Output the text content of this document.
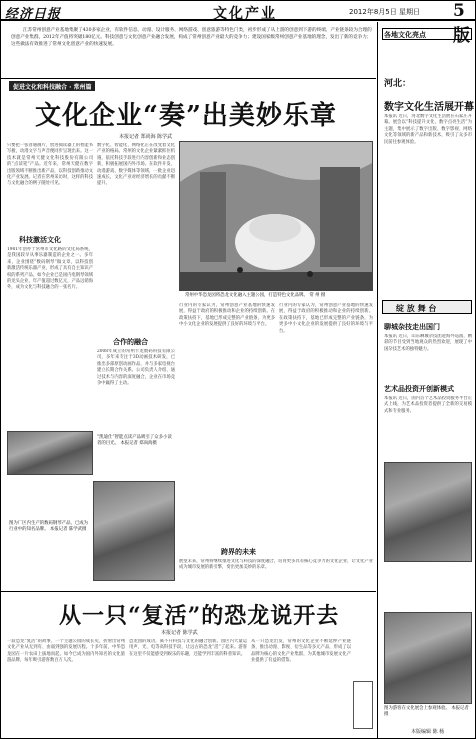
经济日报	文化产业	2012年8月5日 星期日 5版

江苏常州创意产业基地集聚了430多家企业，有软件信息、动漫、设计服务、网络游戏、创意旅游等特色门类，初步形成了从上游的创意到下游的终端、产业链条较为合理的创意产业集群，2012年产值将突破180亿元。科技创意与文化创意产业融合发展，构成了常州创意产业最大的竞争力；建设国家级常州创意产业基地的理念，发出了新的竞争力；这些做法有效推进了常州文化创意产业的快速发展。

促进文化和科技融合 · 常州篇
文化企业“奏”出美妙乐章
本报记者 郑尚海 陈学武

只要把一张普通画片，放进阅读器上的智能书写板，动漫文字与声音便同步呈现出来。这一技术就是常州天健文化科技股份有限公司的“点读笔”产品。近年来，常州天健在数字出版领域不断推出新产品，以科技创新推动文化产业发展。记者在常州采访时，这样的科技与文化融合的例子随处可见。

科技激活文化

1981年创办于常州市文化路的文化局系统，是我国较早从事乐器制造的企业之一。多年来，企业围绕“数码钢琴”做文章，以科技创新激活传统乐器产业，形成了具有自主知识产权的系列产品。如今企业已是国内电钢琴领域的龙头企业，年产值超过数亿元，产品远销海外，成为文化与科技融合的一张名片。

数字化、智能化、网络化正在改变着文化产业的格局。常州的文化企业紧紧抓住机遇，依托科技手段进行内容创新和业态创新，积极拓展国内外市场。在软件开发、动漫游戏、数字媒体等领域，一批企业迅速成长，文化产业对经济增长的贡献不断提升。

合作的融合

2008年成立的常州卡龙数码科技有限公司，多年来专注于3D动画技术研发，已推出多部原创动画作品，并与多家电视台建立长期合作关系。公司负责人介绍，通过技术与内容的深度融合，企业在市场竞争中赢得了主动。

常州中华恐龙园将恐龙文化融入主题公园，打造特色文化品牌。 常 州 摄

行业内的专家认为，常州创意产业基地的快速发展，得益于政府的积极推动和企业的持续创新。在政策扶持下，基地已形成完整的产业链条，为更多中小文化企业的发展提供了良好的环境与平台。

行业内的专家认为，常州创意产业基地的快速发展，得益于政府的积极推动和企业的持续创新。在政策扶持下，基地已形成完整的产业链条，为更多中小文化企业的发展提供了良好的环境与平台。

跨界的未来

展望未来，常州将继续推进文化与科技的深度融合，培育更多具有核心竞争力的文化企业，让文化产业成为城市发展的新引擎，奏出更加美妙的乐章。

“凯迪仕”智能点读产品吸引了众多小读者的目光。 本报记者 郑尚海摄
图为厂区内生产的数码钢琴产品，已成为行业中的知名品牌。 本报记者 陈学武摄
从一只“复活”的恐龙说开去
本报记者 陈学武

一段恐龙“复活”的故事，一个主题公园的成长史，折射出常州文化产业从无到有、由弱到强的发展历程。十多年前，中华恐龙园在一片农田上拔地而起，如今已成为国内外知名的文化旅游品牌，每年吸引游客数百万人次。

恐龙园的成功，离不开科技与文化的融合创新。园区内大量运用声、光、电等高科技手段，让远古的恐龙“活”了起来。游客在这里不仅能感受到娱乐的乐趣，还能学到丰富的科普知识。

从一只恐龙出发，常州的文化企业不断延伸产业链条，推出动漫、影视、衍生品等多元产品，形成了以品牌为核心的文化产业集群，为其他城市发展文化产业提供了有益的借鉴。

各地文化亮点
河北：
数字文化生活展开幕

本报讯 近日，河北数字文化生活展在石家庄开幕。展会以“科技提升文化，数字点亮生活”为主题，集中展示了数字出版、数字影视、网络文化等领域的新产品和新技术，吸引了众多市民前往参观体验。

绽 放 舞 台
聊城杂技走出国门

本报讯 近日，山东聊城杂技团赴海外巡演，精彩的节目受到当地观众的热烈欢迎，展现了中国杂技艺术的独特魅力。

艺术品投资开创新模式

本报讯 近日，国内首个艺术品投资服务平台正式上线，为艺术品投资者提供了全新的交易模式和专业服务。

图为游客在文化展会上参观体验。 本报记者摄
本版编辑 陈 杨
